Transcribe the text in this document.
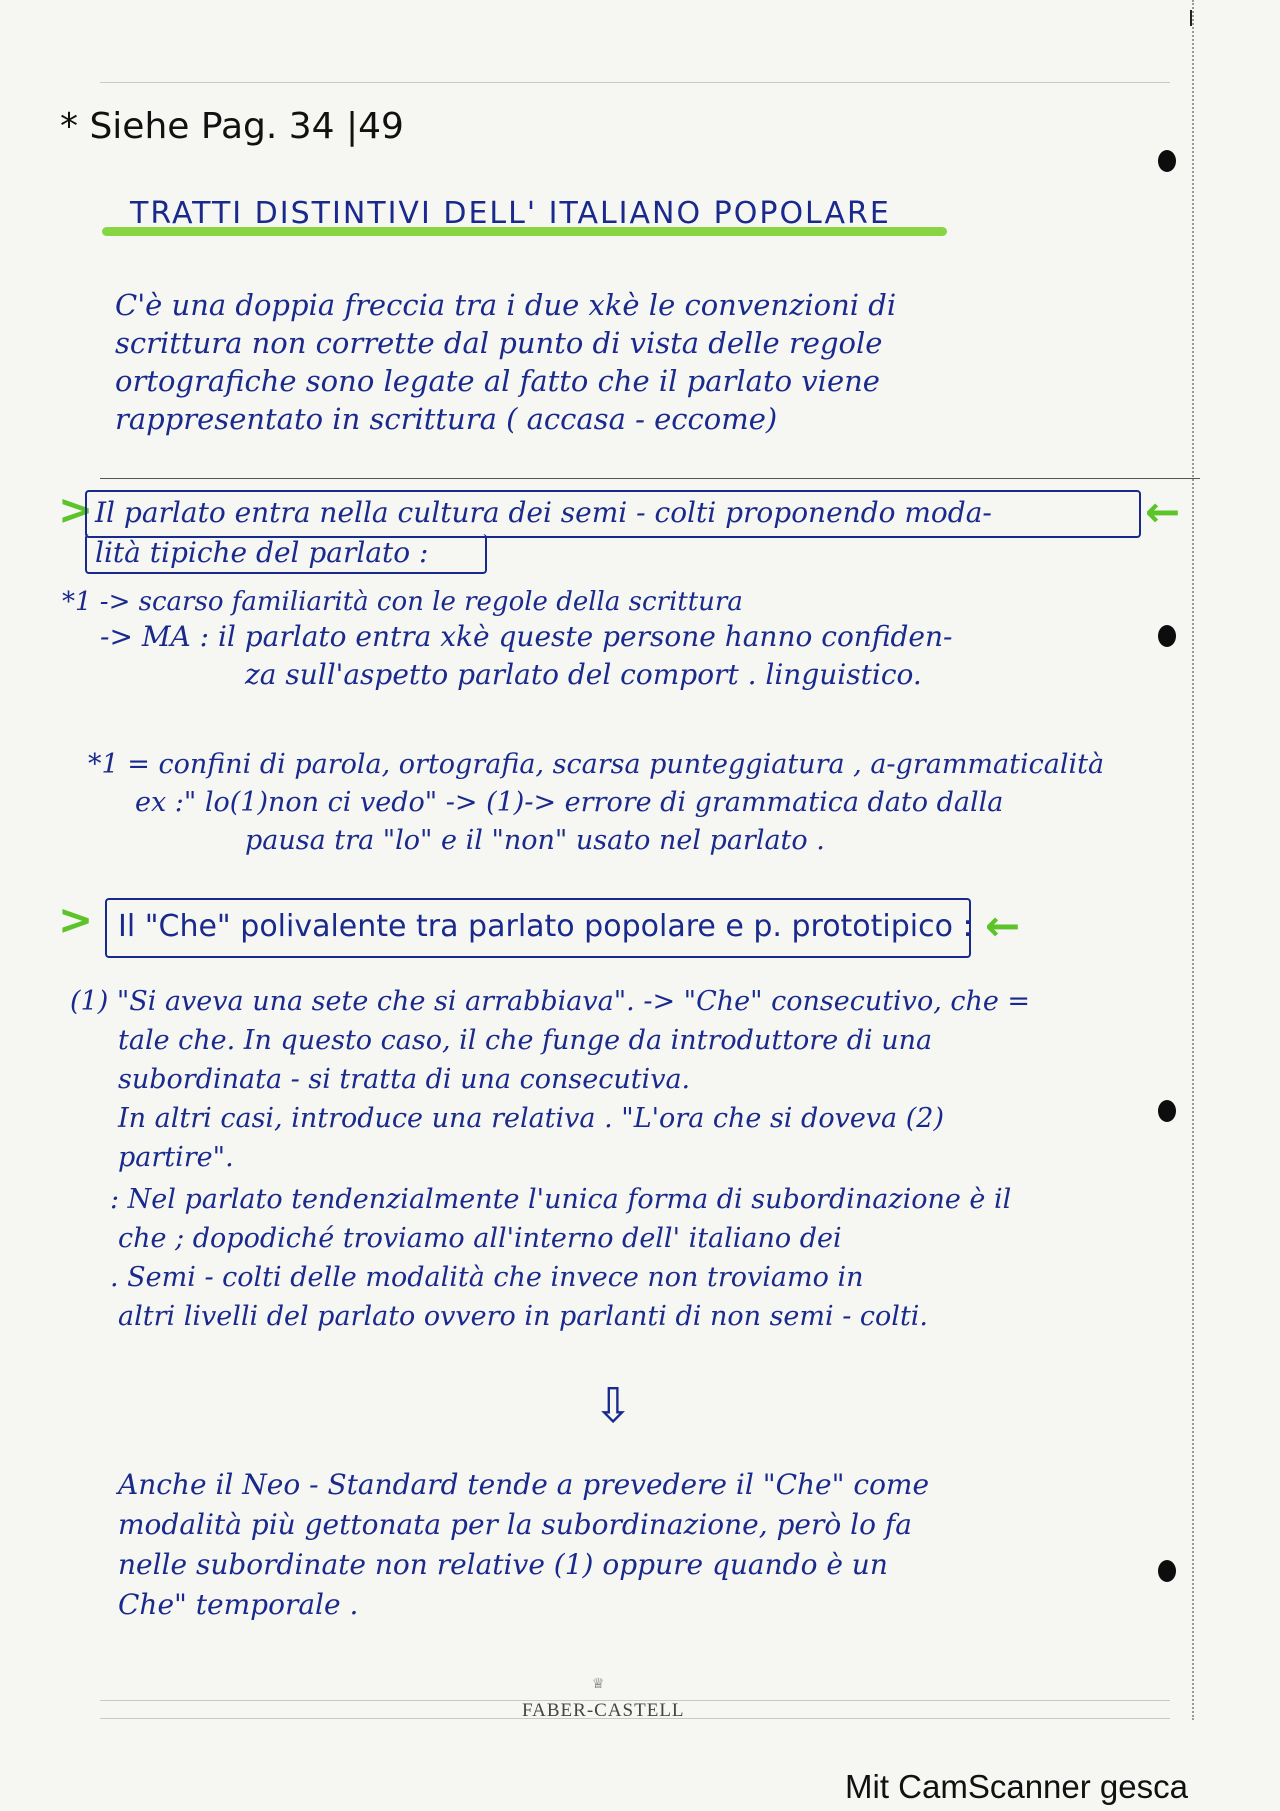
* Siehe Pag. 34 |49
TRATTI DISTINTIVI DELL' ITALIANO POPOLARE
C'è una doppia freccia tra i due xkè le convenzioni di
scrittura non corrette dal punto di vista delle regole
ortografiche sono legate al fatto che il parlato viene
rappresentato in scrittura ( accasa - eccome)
> Il parlato entra nella cultura dei semi - colti proponendo moda-
lità tipiche del parlato :
←
*1 -> scarso familiarità con le regole della scrittura
-> MA : il parlato entra xkè queste persone hanno confiden-
za sull'aspetto parlato del comport . linguistico.
*1 = confini di parola, ortografia, scarsa punteggiatura , a-grammaticalità
ex :" lo(1)non ci vedo" -> (1)-> errore di grammatica dato dalla
pausa tra "lo" e il "non" usato nel parlato .
> Il "Che" polivalente tra parlato popolare e p. prototipico : ←
(1) "Si aveva una sete che si arrabbiava". -> "Che" consecutivo, che =
tale che. In questo caso, il che funge da introduttore di una
subordinata - si tratta di una consecutiva.
In altri casi, introduce una relativa . "L'ora che si doveva (2)
partire".
: Nel parlato tendenzialmente l'unica forma di subordinazione è il
che ; dopodiché troviamo all'interno dell' italiano dei
. Semi - colti delle modalità che invece non troviamo in
altri livelli del parlato ovvero in parlanti di non semi - colti.
⇩
Anche il Neo - Standard tende a prevedere il "Che" come
modalità più gettonata per la subordinazione, però lo fa
nelle subordinate non relative (1) oppure quando è un
Che" temporale .
♕
FABER-CASTELL
Mit CamScanner gesca
